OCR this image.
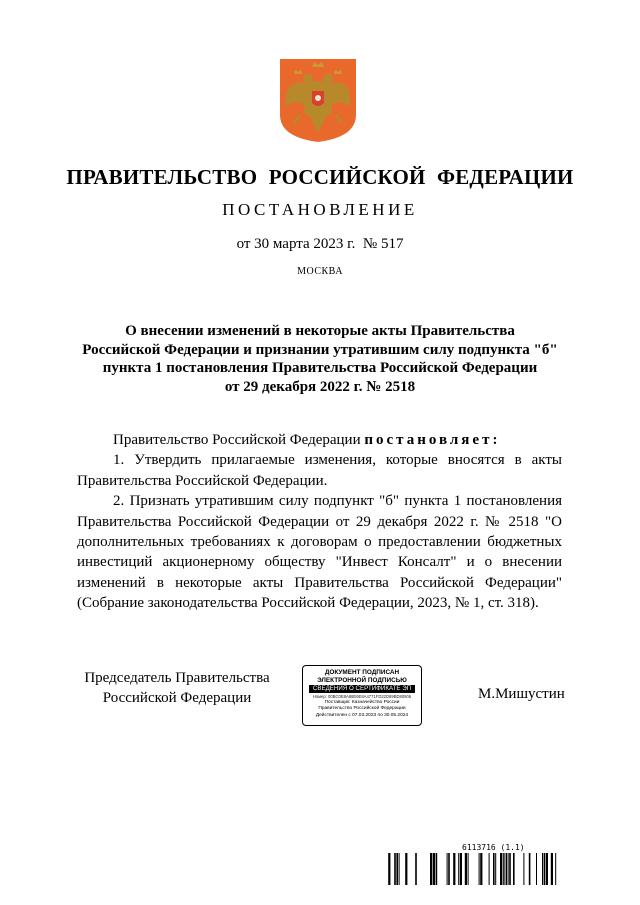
ПРАВИТЕЛЬСТВО РОССИЙСКОЙ ФЕДЕРАЦИИ
ПОСТАНОВЛЕНИЕ
от 30 марта 2023 г.  № 517
МОСКВА
О внесении изменений в некоторые акты Правительства
Российской Федерации и признании утратившим силу подпункта "б"
пункта 1 постановления Правительства Российской Федерации
от 29 декабря 2022 г. № 2518

Правительство Российской Федерации постановляет:

1. Утвердить прилагаемые изменения, которые вносятся в акты Правительства Российской Федерации.

2. Признать утратившим силу подпункт "б" пункта 1 постановления Правительства Российской Федерации от 29 декабря 2022 г. № 2518 "О дополнительных требованиях к договорам о предоставлении бюджетных инвестиций акционерному обществу "Инвест Консалт" и о внесении изменений в некоторые акты Правительства Российской Федерации" (Собрание законодательства Российской Федерации, 2023, № 1, ст. 318).

Председатель Правительства
Российской Федерации
ДОКУМЕНТ ПОДПИСАН
ЭЛЕКТРОННОЙ ПОДПИСЬЮ
СВЕДЕНИЯ О СЕРТИФИКАТЕ ЭП
Номер: 00BC0E8A88E6E8A4771FD22D89BD80906
Поставщик: Казначейство России
Правительство Российской Федерации
Действителен с 07.03.2023 по 30.05.2024
М.Мишустин
6113716 (1.1)
